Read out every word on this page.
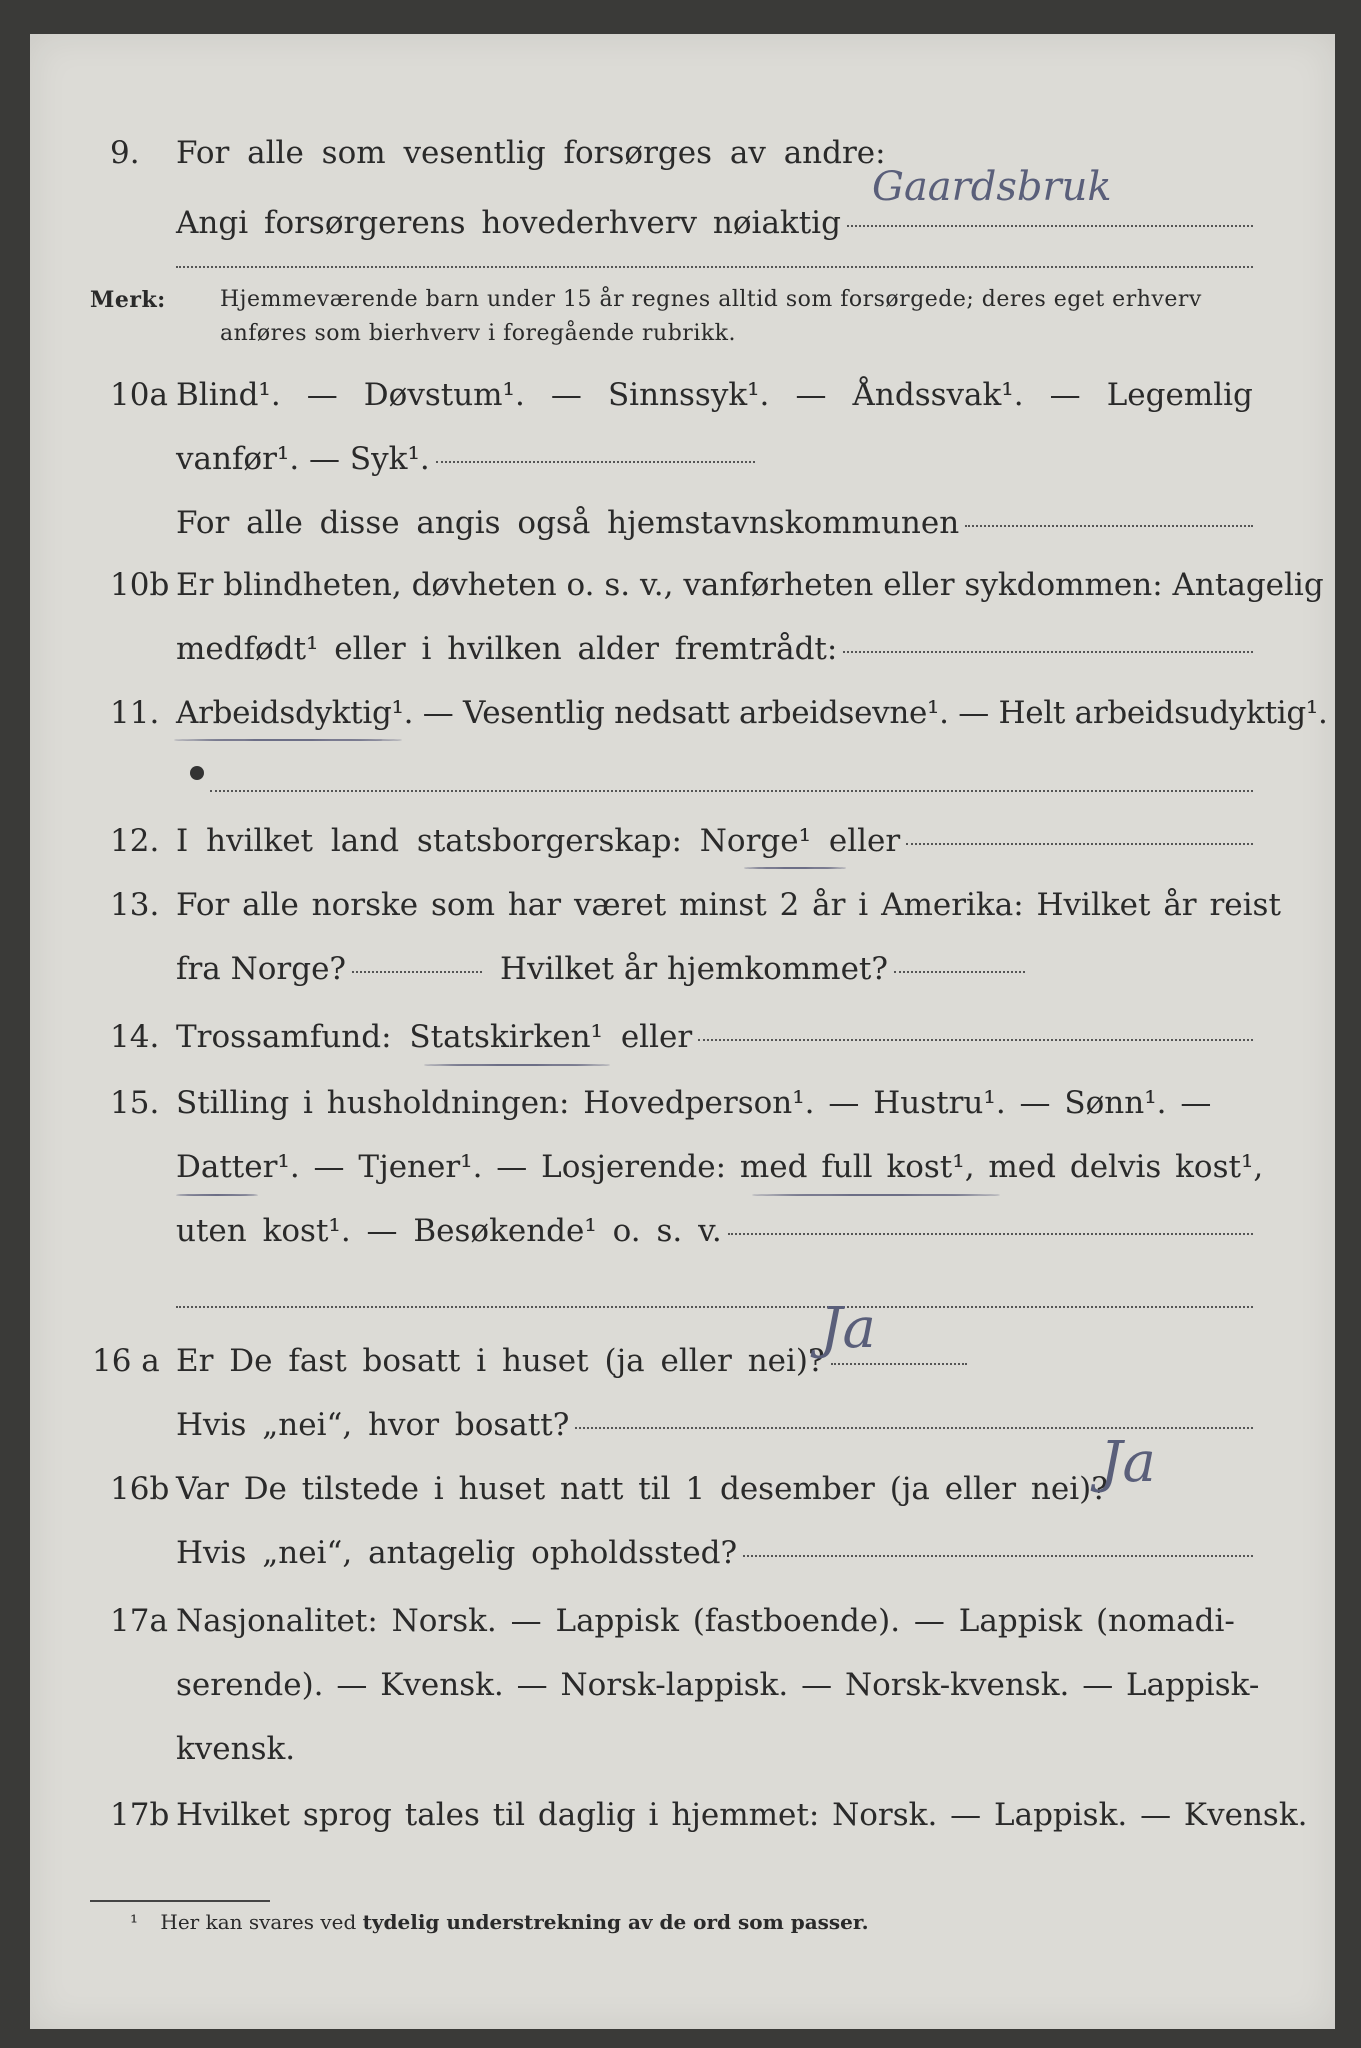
9. For alle som vesentlig forsørges av andre:
Angi forsørgerens hovederhverv nøiaktig
Gaardsbruk
Merk: Hjemmeværende barn under 15 år regnes alltid som forsørgede; deres eget erhverv
anføres som bierhverv i foregående rubrikk.
10a Blind¹. — Døvstum¹. — Sinnssyk¹. — Åndssvak¹. — Legemlig
vanfør¹. — Syk¹.
For alle disse angis også hjemstavnskommunen
10b Er blindheten, døvheten o. s. v., vanførheten eller sykdommen: Antagelig
medfødt¹ eller i hvilken alder fremtrådt:
11. Arbeidsdyktig¹. — Vesentlig nedsatt arbeidsevne¹. — Helt arbeidsudyktig¹.
12. I hvilket land statsborgerskap: Norge¹ eller
13. For alle norske som har været minst 2 år i Amerika: Hvilket år reist
fra Norge?	Hvilket år hjemkommet?
14. Trossamfund: Statskirken¹ eller
15. Stilling i husholdningen: Hovedperson¹. — Hustru¹. — Sønn¹. —
Datter¹. — Tjener¹. — Losjerende: med full kost¹, med delvis kost¹,
uten kost¹. — Besøkende¹ o. s. v.
16 a Er De fast bosatt i huset (ja eller nei)?
Ja
Hvis „nei“, hvor bosatt?
16b Var De tilstede i huset natt til 1 desember (ja eller nei)?
Ja
Hvis „nei“, antagelig opholdssted?
17a Nasjonalitet: Norsk. — Lappisk (fastboende). — Lappisk (nomadi-
serende). — Kvensk. — Norsk-lappisk. — Norsk-kvensk. — Lappisk-
kvensk.
17b Hvilket sprog tales til daglig i hjemmet: Norsk. — Lappisk. — Kvensk.
¹ Her kan svares ved tydelig understrekning av de ord som passer.
